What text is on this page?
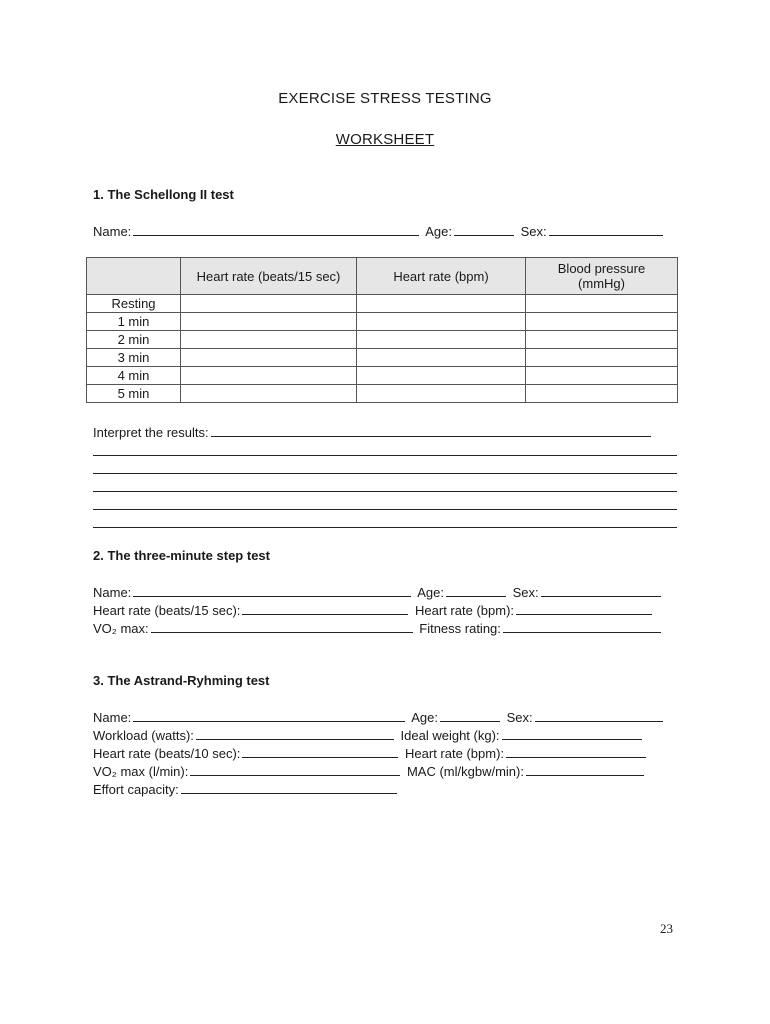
EXERCISE STRESS TESTING
WORKSHEET
1. The Schellong II test
Name:	Age:	Sex:
	Heart rate (beats/15 sec)	Heart rate (bpm)	Blood pressure (mmHg)
Resting			
1 min			
2 min			
3 min			
4 min			
5 min			
Interpret the results:
2. The three-minute step test
Name:	Age:	Sex:
Heart rate (beats/15 sec):	Heart rate (bpm):
VO₂ max:	Fitness rating:
3. The Astrand-Ryhming test
Name:	Age:	Sex:
Workload (watts):	Ideal weight (kg):
Heart rate (beats/10 sec):	Heart rate (bpm):
VO₂ max (l/min):	MAC (ml/kgbw/min):
Effort capacity:
23
